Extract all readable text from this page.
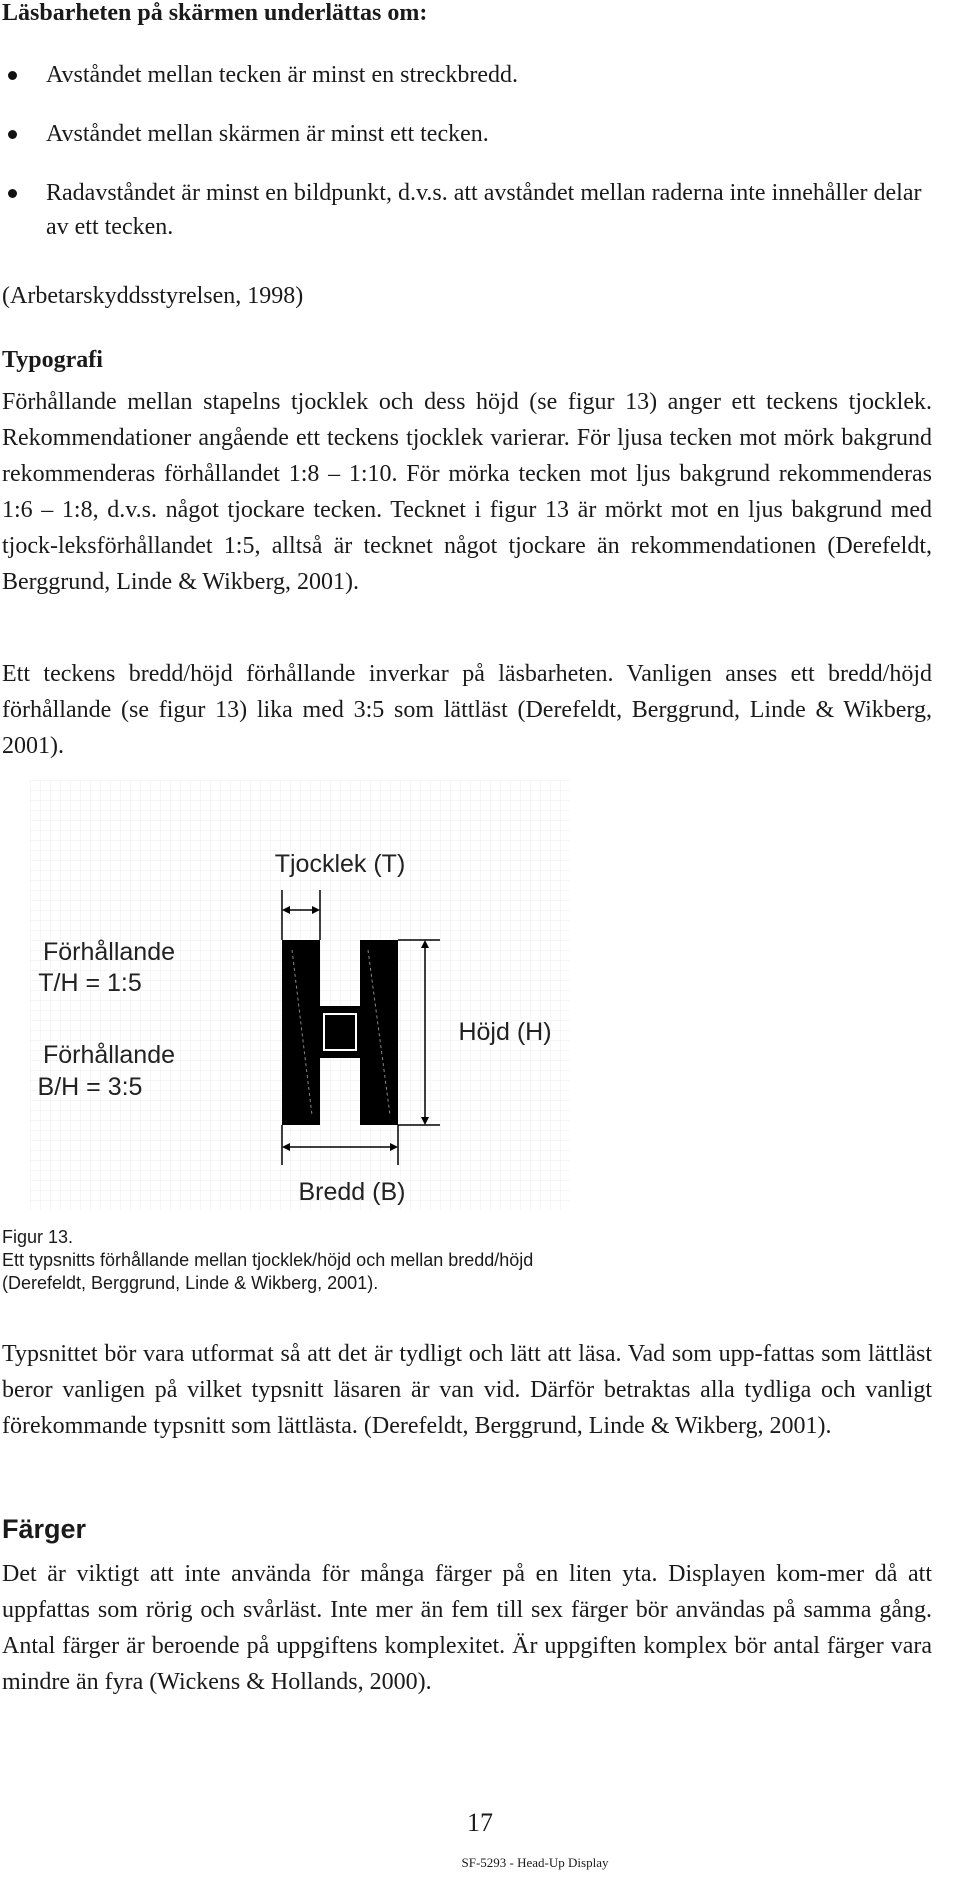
Läsbarheten på skärmen underlättas om:
Avståndet mellan tecken är minst en streckbredd.
Avståndet mellan skärmen är minst ett tecken.
Radavståndet är minst en bildpunkt, d.v.s. att avståndet mellan raderna inte innehåller delar av ett tecken.

(Arbetarskyddsstyrelsen, 1998)

Typografi

Förhållande mellan stapelns tjocklek och dess höjd (se figur 13) anger ett teckens tjocklek. Rekommendationer angående ett teckens tjocklek varierar. För ljusa tecken mot mörk bakgrund rekommenderas förhållandet 1:8 – 1:10. För mörka tecken mot ljus bakgrund rekommenderas 1:6 – 1:8, d.v.s. något tjockare tecken. Tecknet i figur 13 är mörkt mot en ljus bakgrund med tjock-leksförhållandet 1:5, alltså är tecknet något tjockare än rekommendationen (Derefeldt, Berggrund, Linde & Wikberg, 2001).

Ett teckens bredd/höjd förhållande inverkar på läsbarheten. Vanligen anses ett bredd/höjd förhållande (se figur 13) lika med 3:5 som lättläst (Derefeldt, Berggrund, Linde & Wikberg, 2001).

Tjocklek (T)
Förhållande
T/H = 1:5
Förhållande
B/H = 3:5
Höjd (H)
Bredd (B)
Figur 13.
Ett typsnitts förhållande mellan tjocklek/höjd och mellan bredd/höjd
(Derefeldt, Berggrund, Linde & Wikberg, 2001).

Typsnittet bör vara utformat så att det är tydligt och lätt att läsa. Vad som upp-fattas som lättläst beror vanligen på vilket typsnitt läsaren är van vid. Därför betraktas alla tydliga och vanligt förekommande typsnitt som lättlästa. (Derefeldt, Berggrund, Linde & Wikberg, 2001).

Färger

Det är viktigt att inte använda för många färger på en liten yta. Displayen kom-mer då att uppfattas som rörig och svårläst. Inte mer än fem till sex färger bör användas på samma gång. Antal färger är beroende på uppgiftens komplexitet. Är uppgiften komplex bör antal färger vara mindre än fyra (Wickens & Hollands, 2000).

17
SF-5293 - Head-Up Display
